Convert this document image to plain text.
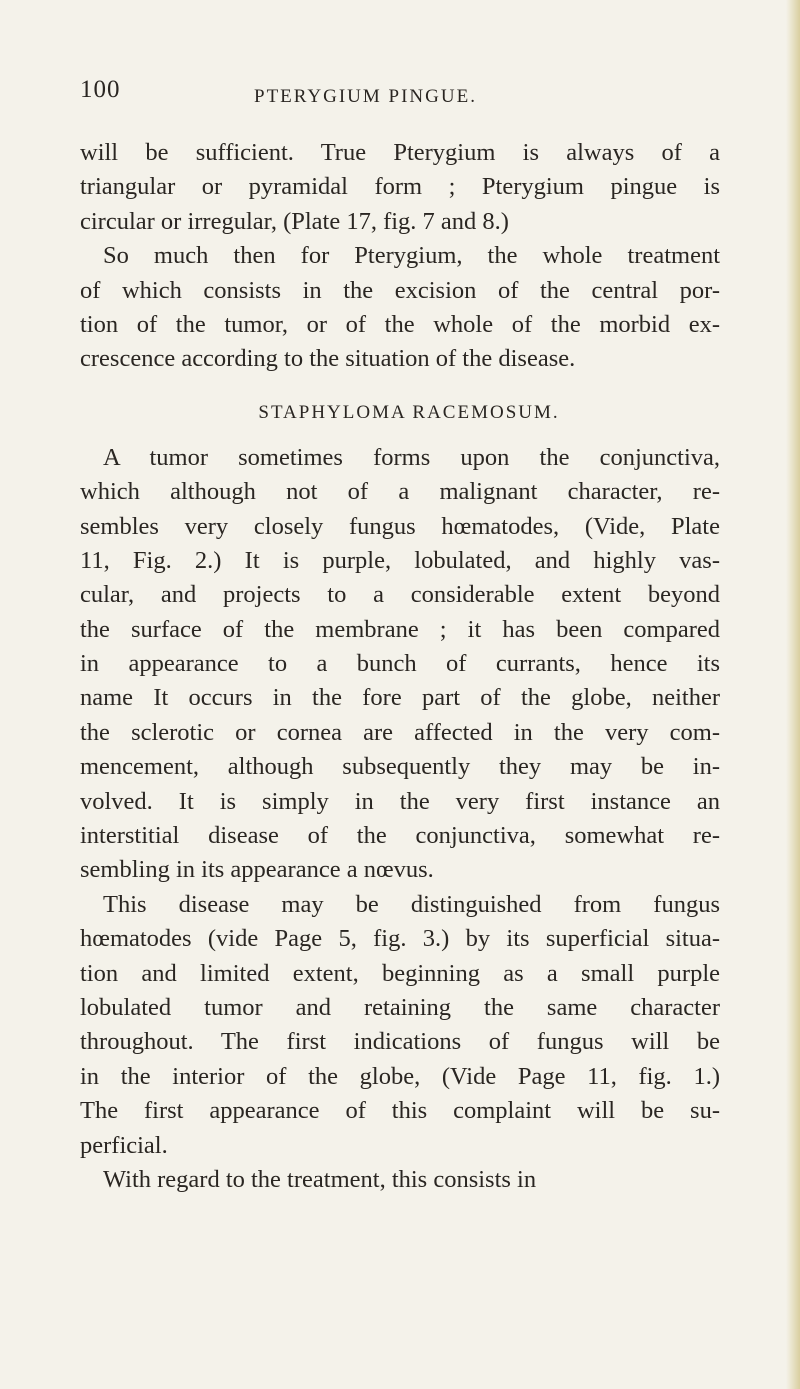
100	PTERYGIUM PINGUE.
will be sufficient. True Pterygium is always of a
triangular or pyramidal form ; Pterygium pingue is
circular or irregular, (Plate 17, fig. 7 and 8.)
So much then for Pterygium, the whole treatment
of which consists in the excision of the central por-
tion of the tumor, or of the whole of the morbid ex-
crescence according to the situation of the disease.
STAPHYLOMA RACEMOSUM.
A tumor sometimes forms upon the conjunctiva,
which although not of a malignant character, re-
sembles very closely fungus hœmatodes, (Vide, Plate
11, Fig. 2.) It is purple, lobulated, and highly vas-
cular, and projects to a considerable extent beyond
the surface of the membrane ; it has been compared
in appearance to a bunch of currants, hence its
name It occurs in the fore part of the globe, neither
the sclerotic or cornea are affected in the very com-
mencement, although subsequently they may be in-
volved. It is simply in the very first instance an
interstitial disease of the conjunctiva, somewhat re-
sembling in its appearance a nœvus.
This disease may be distinguished from fungus
hœmatodes (vide Page 5, fig. 3.) by its superficial situa-
tion and limited extent, beginning as a small purple
lobulated tumor and retaining the same character
throughout. The first indications of fungus will be
in the interior of the globe, (Vide Page 11, fig. 1.)
The first appearance of this complaint will be su-
perficial.
With regard to the treatment, this consists in
